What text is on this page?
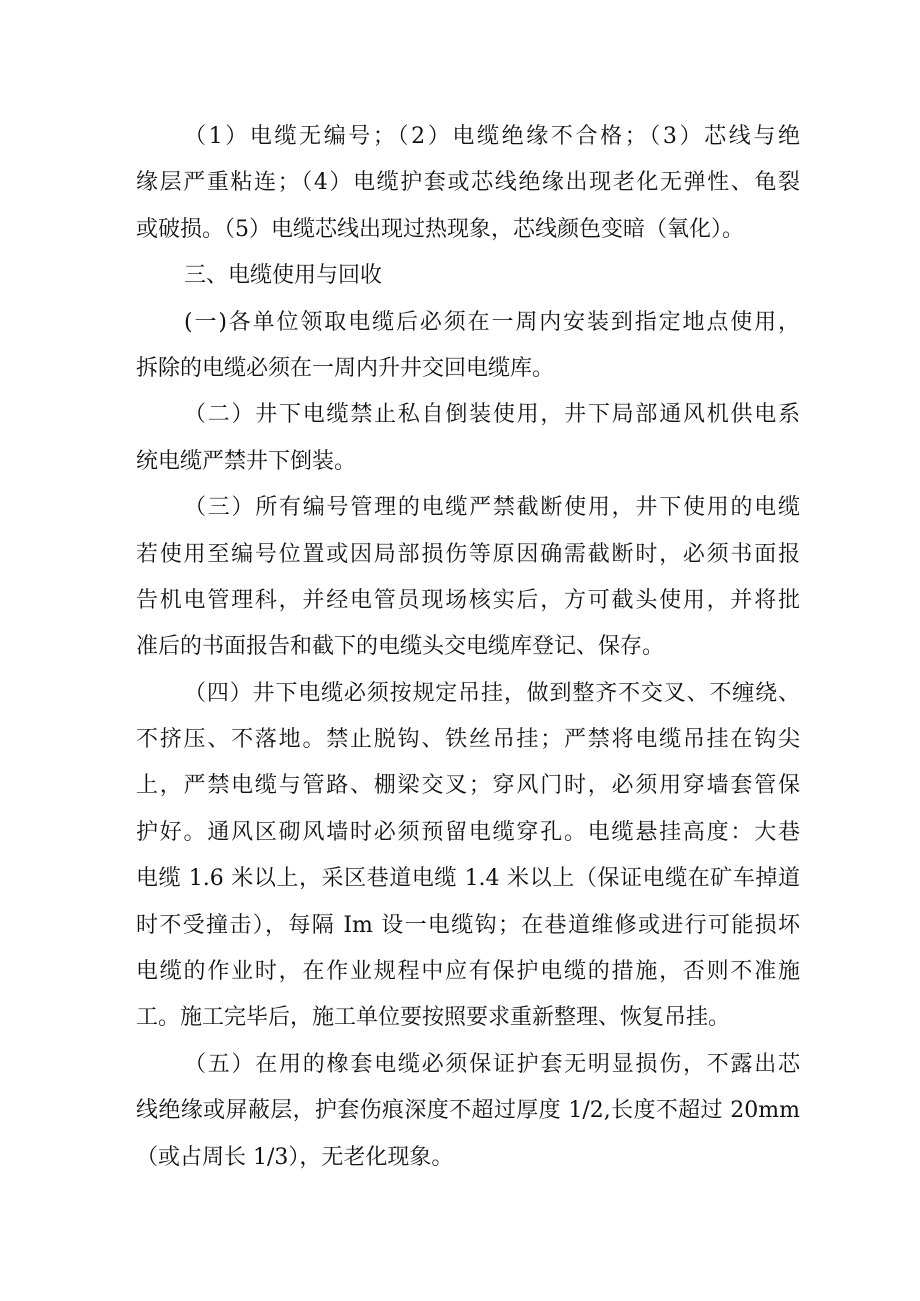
（1）电缆无编号；（2）电缆绝缘不合格；（3）芯线与绝
缘层严重粘连；（4）电缆护套或芯线绝缘出现老化无弹性、龟裂
或破损。（5）电缆芯线出现过热现象，芯线颜色变暗（氧化）。
三、电缆使用与回收
(一)各单位领取电缆后必须在一周内安装到指定地点使用，
拆除的电缆必须在一周内升井交回电缆库。
（二）井下电缆禁止私自倒装使用，井下局部通风机供电系
统电缆严禁井下倒装。
（三）所有编号管理的电缆严禁截断使用，井下使用的电缆
若使用至编号位置或因局部损伤等原因确需截断时，必须书面报
告机电管理科，并经电管员现场核实后，方可截头使用，并将批
准后的书面报告和截下的电缆头交电缆库登记、保存。
（四）井下电缆必须按规定吊挂，做到整齐不交叉、不缠绕、
不挤压、不落地。禁止脱钩、铁丝吊挂；严禁将电缆吊挂在钩尖
上，严禁电缆与管路、棚梁交叉；穿风门时，必须用穿墙套管保
护好。通风区砌风墙时必须预留电缆穿孔。电缆悬挂高度：大巷
电缆 1.6 米以上，采区巷道电缆 1.4 米以上（保证电缆在矿车掉道
时不受撞击），每隔 Im 设一电缆钩；在巷道维修或进行可能损坏
电缆的作业时，在作业规程中应有保护电缆的措施，否则不准施
工。施工完毕后，施工单位要按照要求重新整理、恢复吊挂。
（五）在用的橡套电缆必须保证护套无明显损伤，不露出芯
线绝缘或屏蔽层，护套伤痕深度不超过厚度 1/2,长度不超过 20mm
（或占周长 1/3），无老化现象。
